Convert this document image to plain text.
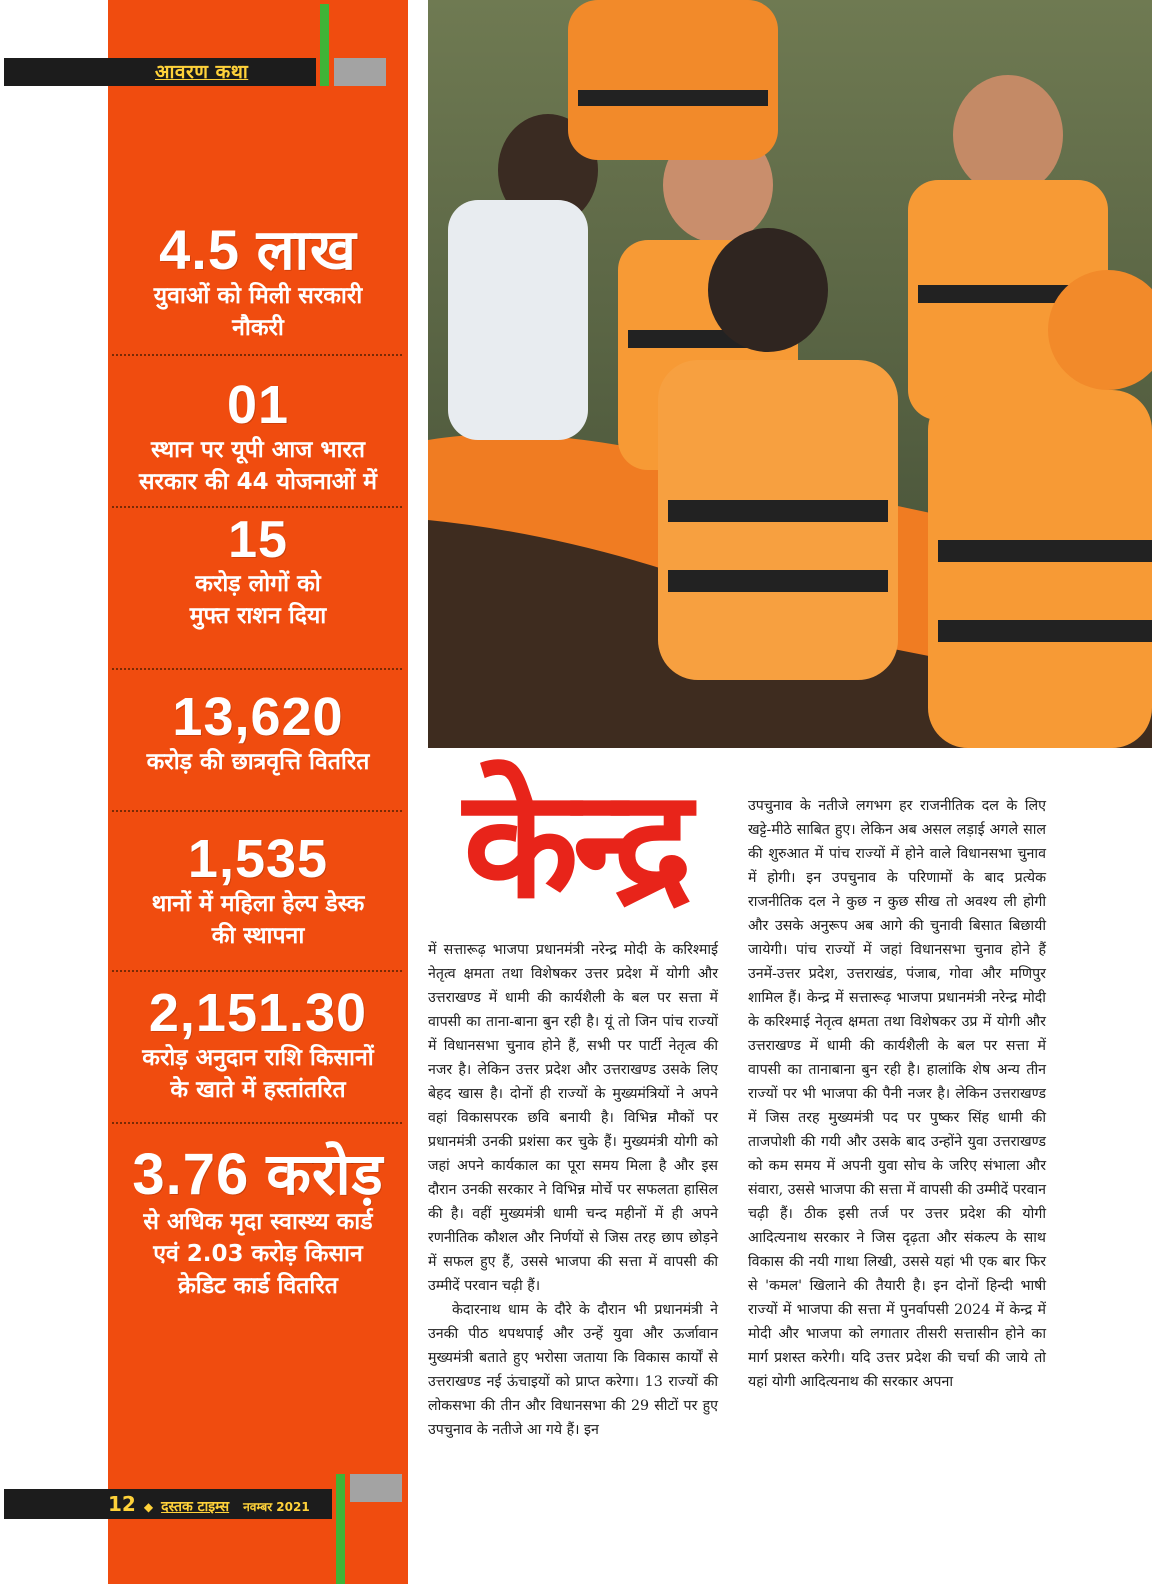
आवरण कथा
4.5 लाख
युवाओं को मिली सरकारी
नौकरी
01
स्थान पर यूपी आज भारत
सरकार की 44 योजनाओं में
15
करोड़ लोगों को
मुफ्त राशन दिया
13,620
करोड़ की छात्रवृत्ति वितरित
1,535
थानों में महिला हेल्प डेस्क
की स्थापना
2,151.30
करोड़ अनुदान राशि किसानों
के खाते में हस्तांतरित
3.76 करोड़
से अधिक मृदा स्वास्थ्य कार्ड
एवं 2.03 करोड़ किसान
क्रेडिट कार्ड वितरित
केन्द्र

में सत्तारूढ़ भाजपा प्रधानमंत्री नरेन्द्र मोदी के करिश्माई नेतृत्व क्षमता तथा विशेषकर उत्तर प्रदेश में योगी और उत्तराखण्ड में धामी की कार्यशैली के बल पर सत्ता में वापसी का ताना-बाना बुन रही है। यूं तो जिन पांच राज्यों में विधानसभा चुनाव होने हैं, सभी पर पार्टी नेतृत्व की नजर है। लेकिन उत्तर प्रदेश और उत्तराखण्ड उसके लिए बेहद खास है। दोनों ही राज्यों के मुख्यमंत्रियों ने अपने वहां विकासपरक छवि बनायी है। विभिन्न मौकों पर प्रधानमंत्री उनकी प्रशंसा कर चुके हैं। मुख्यमंत्री योगी को जहां अपने कार्यकाल का पूरा समय मिला है और इस दौरान उनकी सरकार ने विभिन्न मोर्चे पर सफलता हासिल की है। वहीं मुख्यमंत्री धामी चन्द महीनों में ही अपने रणनीतिक कौशल और निर्णयों से जिस तरह छाप छोड़ने में सफल हुए हैं, उससे भाजपा की सत्ता में वापसी की उम्मीदें परवान चढ़ी हैं।

केदारनाथ धाम के दौरे के दौरान भी प्रधानमंत्री ने उनकी पीठ थपथपाई और उन्हें युवा और ऊर्जावान मुख्यमंत्री बताते हुए भरोसा जताया कि विकास कार्यों से उत्तराखण्ड नई ऊंचाइयों को प्राप्त करेगा। 13 राज्यों की लोकसभा की तीन और विधानसभा की 29 सीटों पर हुए उपचुनाव के नतीजे आ गये हैं। इन

उपचुनाव के नतीजे लगभग हर राजनीतिक दल के लिए खट्टे-मीठे साबित हुए। लेकिन अब असल लड़ाई अगले साल की शुरुआत में पांच राज्यों में होने वाले विधानसभा चुनाव में होगी। इन उपचुनाव के परिणामों के बाद प्रत्येक राजनीतिक दल ने कुछ न कुछ सीख तो अवश्य ली होगी और उसके अनुरूप अब आगे की चुनावी बिसात बिछायी जायेगी। पांच राज्यों में जहां विधानसभा चुनाव होने हैं उनमें-उत्तर प्रदेश, उत्तराखंड, पंजाब, गोवा और मणिपुर शामिल हैं। केन्द्र में सत्तारूढ़ भाजपा प्रधानमंत्री नरेन्द्र मोदी के करिश्माई नेतृत्व क्षमता तथा विशेषकर उप्र में योगी और उत्तराखण्ड में धामी की कार्यशैली के बल पर सत्ता में वापसी का तानाबाना बुन रही है। हालांकि शेष अन्य तीन राज्यों पर भी भाजपा की पैनी नजर है। लेकिन उत्तराखण्ड में जिस तरह मुख्यमंत्री पद पर पुष्कर सिंह धामी की ताजपोशी की गयी और उसके बाद उन्होंने युवा उत्तराखण्ड को कम समय में अपनी युवा सोच के जरिए संभाला और संवारा, उससे भाजपा की सत्ता में वापसी की उम्मीदें परवान चढ़ी हैं। ठीक इसी तर्ज पर उत्तर प्रदेश की योगी आदित्यनाथ सरकार ने जिस दृढ़ता और संकल्प के साथ विकास की नयी गाथा लिखी, उससे यहां भी एक बार फिर से 'कमल' खिलाने की तैयारी है। इन दोनों हिन्दी भाषी राज्यों में भाजपा की सत्ता में पुनर्वापसी 2024 में केन्द्र में मोदी और भाजपा को लगातार तीसरी सत्तासीन होने का मार्ग प्रशस्त करेगी। यदि उत्तर प्रदेश की चर्चा की जाये तो यहां योगी आदित्यनाथ की सरकार अपना

12 ◆ दस्तक टाइम्स नवम्बर 2021
